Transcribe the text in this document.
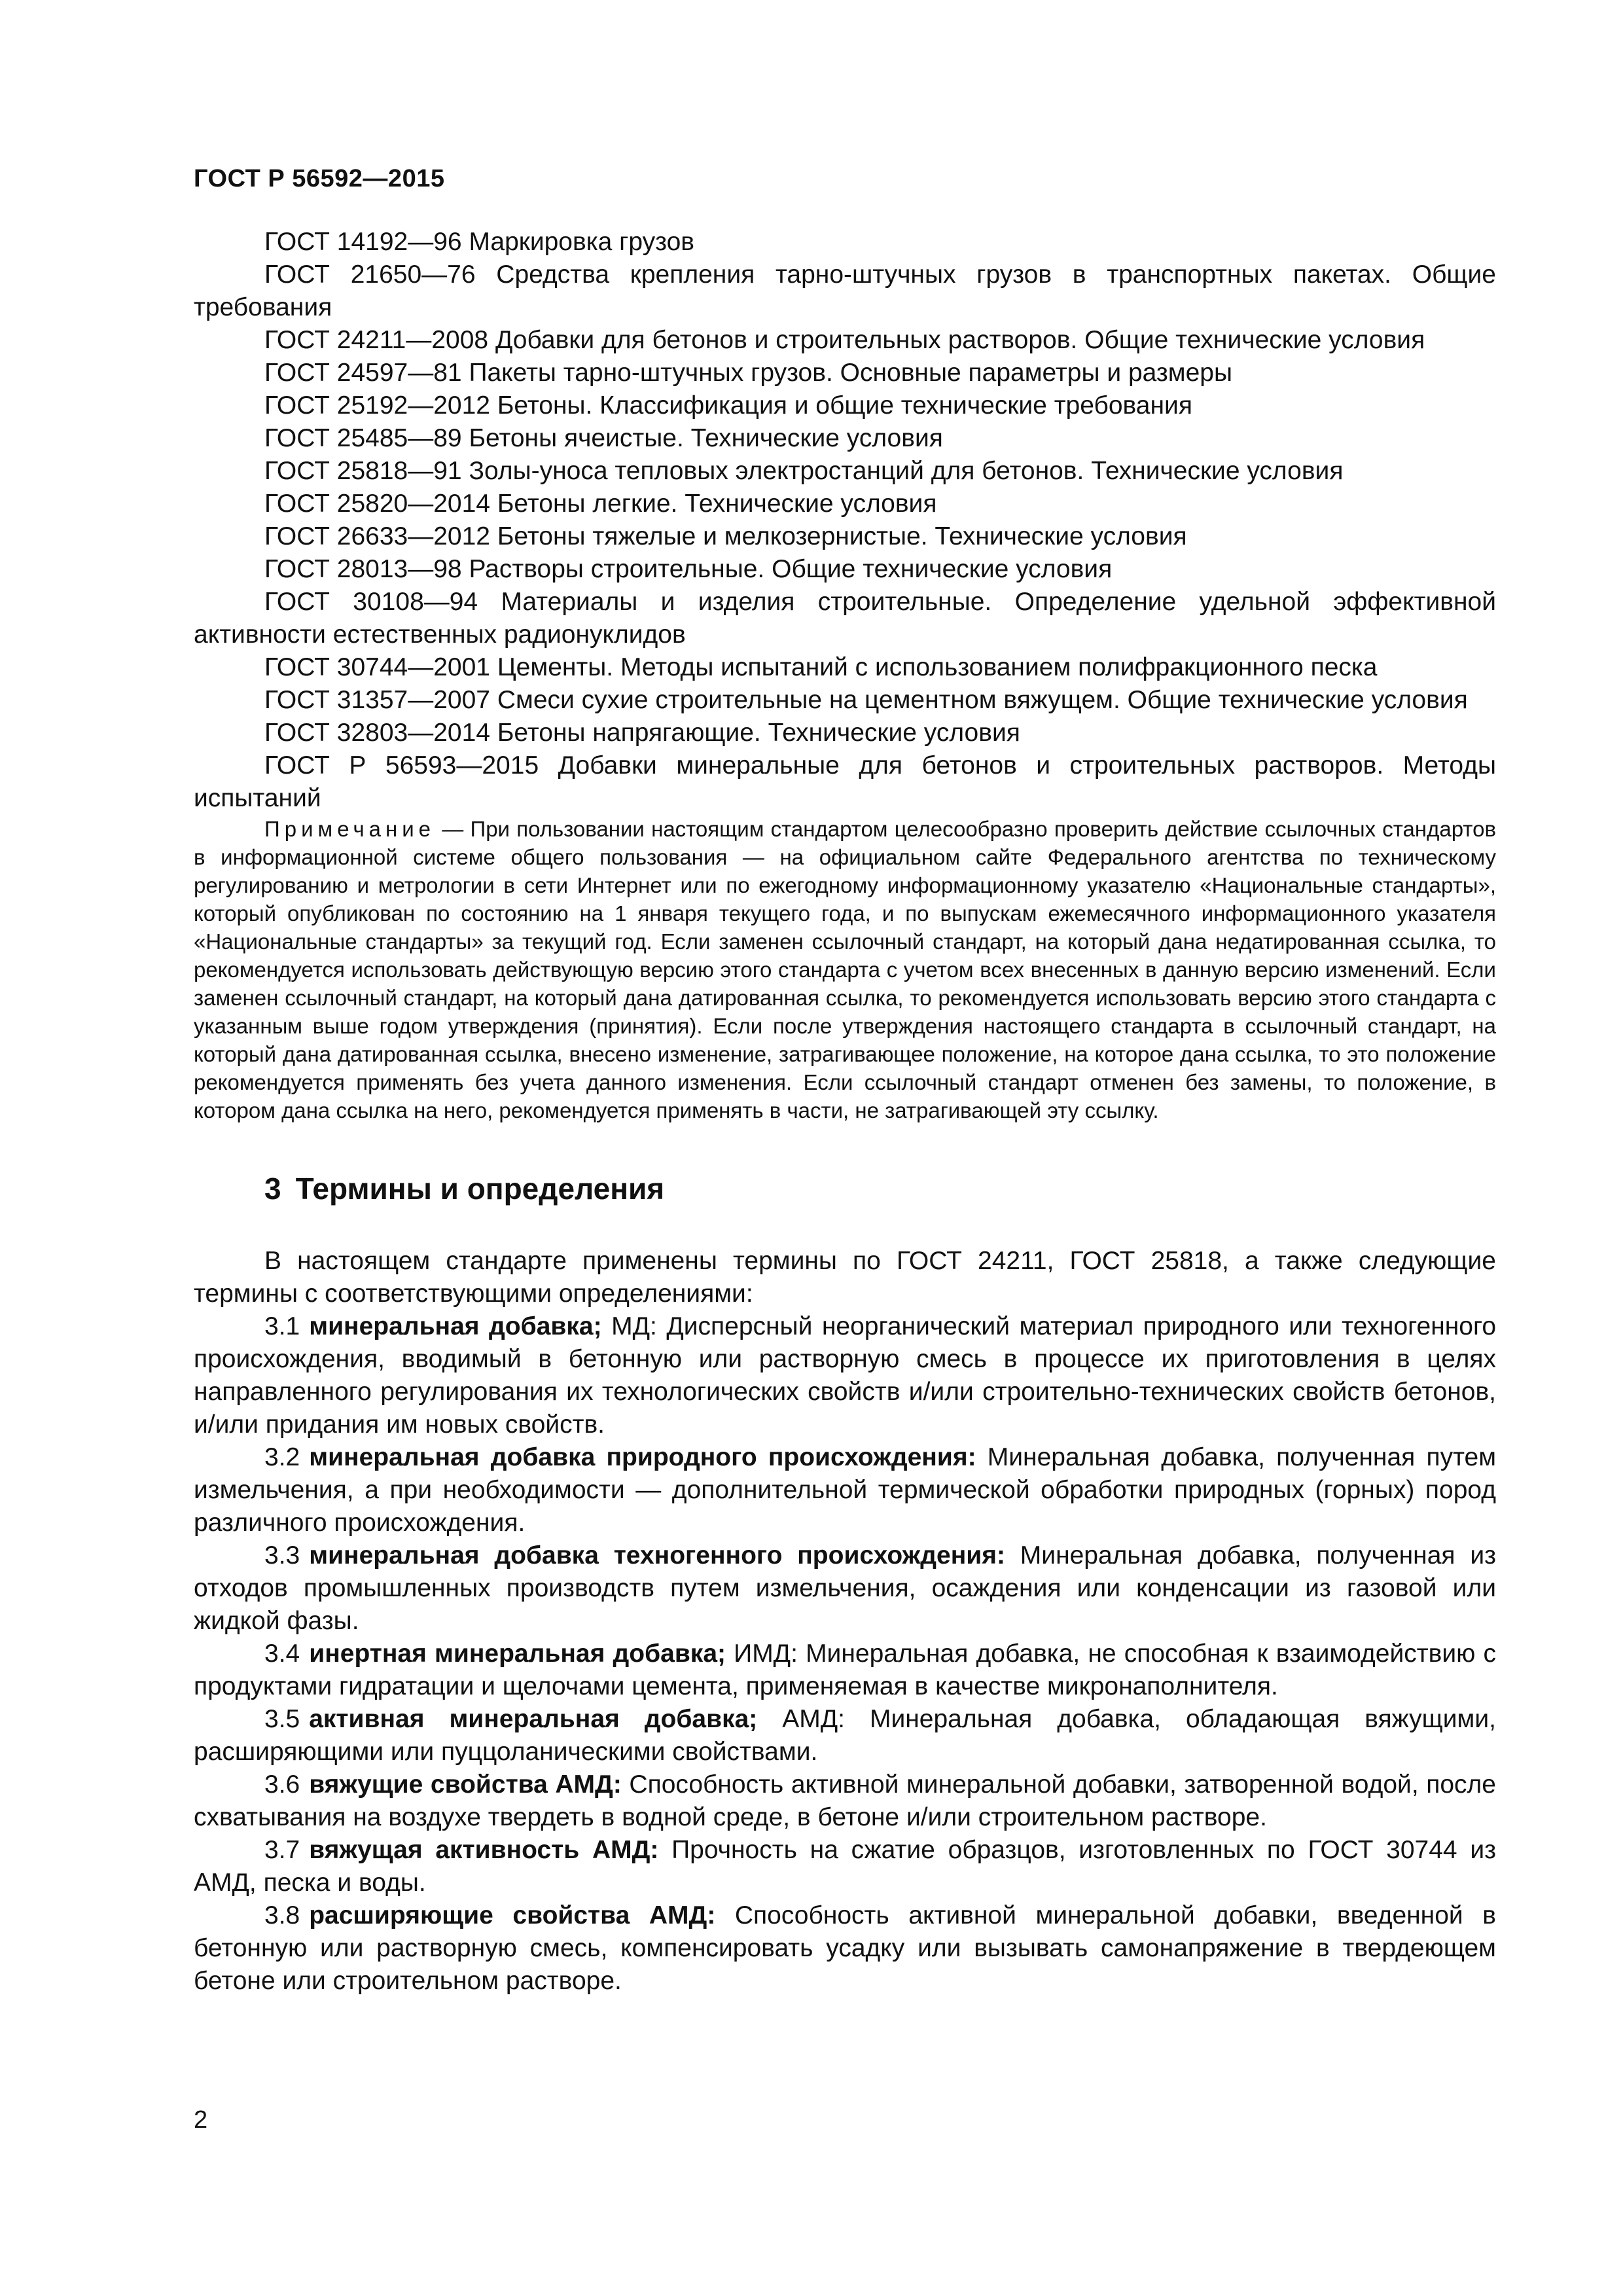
ГОСТ Р 56592—2015

ГОСТ 14192—96 Маркировка грузов

ГОСТ 21650—76 Средства крепления тарно-штучных грузов в транспортных пакетах. Общие требования

ГОСТ 24211—2008 Добавки для бетонов и строительных растворов. Общие технические условия

ГОСТ 24597—81 Пакеты тарно-штучных грузов. Основные параметры и размеры

ГОСТ 25192—2012 Бетоны. Классификация и общие технические требования

ГОСТ 25485—89 Бетоны ячеистые. Технические условия

ГОСТ 25818—91 Золы-уноса тепловых электростанций для бетонов. Технические условия

ГОСТ 25820—2014 Бетоны легкие. Технические условия

ГОСТ 26633—2012 Бетоны тяжелые и мелкозернистые. Технические условия

ГОСТ 28013—98 Растворы строительные. Общие технические условия

ГОСТ 30108—94 Материалы и изделия строительные. Определение удельной эффективной активности естественных радионуклидов

ГОСТ 30744—2001 Цементы. Методы испытаний с использованием полифракционного песка

ГОСТ 31357—2007 Смеси сухие строительные на цементном вяжущем. Общие технические условия

ГОСТ 32803—2014 Бетоны напрягающие. Технические условия

ГОСТ Р 56593—2015 Добавки минеральные для бетонов и строительных растворов. Методы испытаний

Примечание — При пользовании настоящим стандартом целесообразно проверить действие ссылочных стандартов в информационной системе общего пользования — на официальном сайте Федерального агентства по техническому регулированию и метрологии в сети Интернет или по ежегодному информационному указателю «Национальные стандарты», который опубликован по состоянию на 1 января текущего года, и по выпускам ежемесячного информационного указателя «Национальные стандарты» за текущий год. Если заменен ссылочный стандарт, на который дана недатированная ссылка, то рекомендуется использовать действующую версию этого стандарта с учетом всех внесенных в данную версию изменений. Если заменен ссылочный стандарт, на который дана датированная ссылка, то рекомендуется использовать версию этого стандарта с указанным выше годом утверждения (принятия). Если после утверждения настоящего стандарта в ссылочный стандарт, на который дана датированная ссылка, внесено изменение, затрагивающее положение, на которое дана ссылка, то это положение рекомендуется применять без учета данного изменения. Если ссылочный стандарт отменен без замены, то положение, в котором дана ссылка на него, рекомендуется применять в части, не затрагивающей эту ссылку.

3 Термины и определения

В настоящем стандарте применены термины по ГОСТ 24211, ГОСТ 25818, а также следующие термины с соответствующими определениями:

3.1 минеральная добавка; МД: Дисперсный неорганический материал природного или техногенного происхождения, вводимый в бетонную или растворную смесь в процессе их приготовления в целях направленного регулирования их технологических свойств и/или строительно-технических свойств бетонов, и/или придания им новых свойств.

3.2 минеральная добавка природного происхождения: Минеральная добавка, полученная путем измельчения, а при необходимости — дополнительной термической обработки природных (горных) пород различного происхождения.

3.3 минеральная добавка техногенного происхождения: Минеральная добавка, полученная из отходов промышленных производств путем измельчения, осаждения или конденсации из газовой или жидкой фазы.

3.4 инертная минеральная добавка; ИМД: Минеральная добавка, не способная к взаимодействию с продуктами гидратации и щелочами цемента, применяемая в качестве микронаполнителя.

3.5 активная минеральная добавка; АМД: Минеральная добавка, обладающая вяжущими, расширяющими или пуццоланическими свойствами.

3.6 вяжущие свойства АМД: Способность активной минеральной добавки, затворенной водой, после схватывания на воздухе твердеть в водной среде, в бетоне и/или строительном растворе.

3.7 вяжущая активность АМД: Прочность на сжатие образцов, изготовленных по ГОСТ 30744 из АМД, песка и воды.

3.8 расширяющие свойства АМД: Способность активной минеральной добавки, введенной в бетонную или растворную смесь, компенсировать усадку или вызывать самонапряжение в твердеющем бетоне или строительном растворе.

2
